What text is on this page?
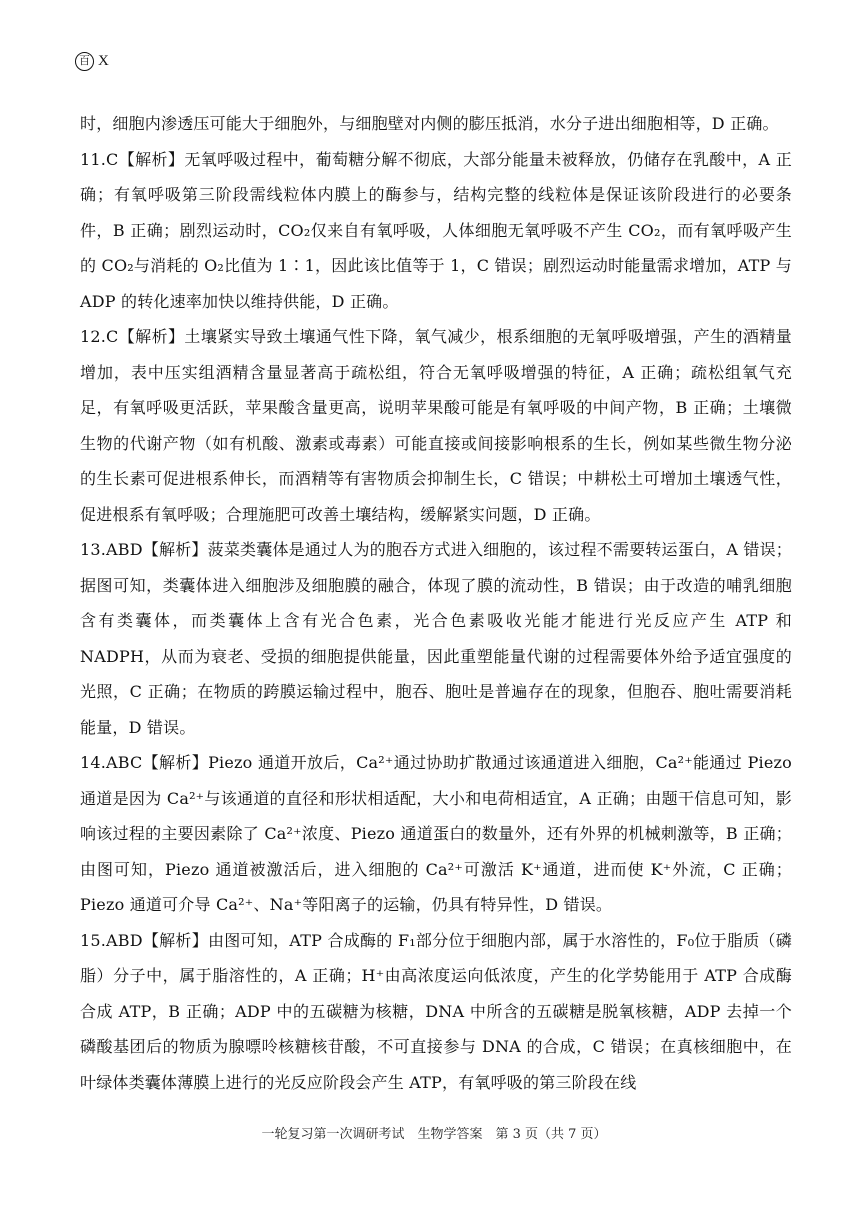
百 X

时，细胞内渗透压可能大于细胞外，与细胞壁对内侧的膨压抵消，水分子进出细胞相等，D 正确。

11.C【解析】无氧呼吸过程中，葡萄糖分解不彻底，大部分能量未被释放，仍储存在乳酸中，A 正确；有氧呼吸第三阶段需线粒体内膜上的酶参与，结构完整的线粒体是保证该阶段进行的必要条件，B 正确；剧烈运动时，CO₂仅来自有氧呼吸，人体细胞无氧呼吸不产生 CO₂，而有氧呼吸产生的 CO₂与消耗的 O₂比值为 1∶1，因此该比值等于 1，C 错误；剧烈运动时能量需求增加，ATP 与 ADP 的转化速率加快以维持供能，D 正确。

12.C【解析】土壤紧实导致土壤通气性下降，氧气减少，根系细胞的无氧呼吸增强，产生的酒精量增加，表中压实组酒精含量显著高于疏松组，符合无氧呼吸增强的特征，A 正确；疏松组氧气充足，有氧呼吸更活跃，苹果酸含量更高，说明苹果酸可能是有氧呼吸的中间产物，B 正确；土壤微生物的代谢产物（如有机酸、激素或毒素）可能直接或间接影响根系的生长，例如某些微生物分泌的生长素可促进根系伸长，而酒精等有害物质会抑制生长，C 错误；中耕松土可增加土壤透气性，促进根系有氧呼吸；合理施肥可改善土壤结构，缓解紧实问题，D 正确。

13.ABD【解析】菠菜类囊体是通过人为的胞吞方式进入细胞的，该过程不需要转运蛋白，A 错误；据图可知，类囊体进入细胞涉及细胞膜的融合，体现了膜的流动性，B 错误；由于改造的哺乳细胞含有类囊体，而类囊体上含有光合色素，光合色素吸收光能才能进行光反应产生 ATP 和 NADPH，从而为衰老、受损的细胞提供能量，因此重塑能量代谢的过程需要体外给予适宜强度的光照，C 正确；在物质的跨膜运输过程中，胞吞、胞吐是普遍存在的现象，但胞吞、胞吐需要消耗能量，D 错误。

14.ABC【解析】Piezo 通道开放后，Ca²⁺通过协助扩散通过该通道进入细胞，Ca²⁺能通过 Piezo 通道是因为 Ca²⁺与该通道的直径和形状相适配，大小和电荷相适宜，A 正确；由题干信息可知，影响该过程的主要因素除了 Ca²⁺浓度、Piezo 通道蛋白的数量外，还有外界的机械刺激等，B 正确；由图可知，Piezo 通道被激活后，进入细胞的 Ca²⁺可激活 K⁺通道，进而使 K⁺外流，C 正确；Piezo 通道可介导 Ca²⁺、Na⁺等阳离子的运输，仍具有特异性，D 错误。

15.ABD【解析】由图可知，ATP 合成酶的 F₁部分位于细胞内部，属于水溶性的，F₀位于脂质（磷脂）分子中，属于脂溶性的，A 正确；H⁺由高浓度运向低浓度，产生的化学势能用于 ATP 合成酶合成 ATP，B 正确；ADP 中的五碳糖为核糖，DNA 中所含的五碳糖是脱氧核糖，ADP 去掉一个磷酸基团后的物质为腺嘌呤核糖核苷酸，不可直接参与 DNA 的合成，C 错误；在真核细胞中，在叶绿体类囊体薄膜上进行的光反应阶段会产生 ATP，有氧呼吸的第三阶段在线

一轮复习第一次调研考试　生物学答案　第 3 页（共 7 页）
